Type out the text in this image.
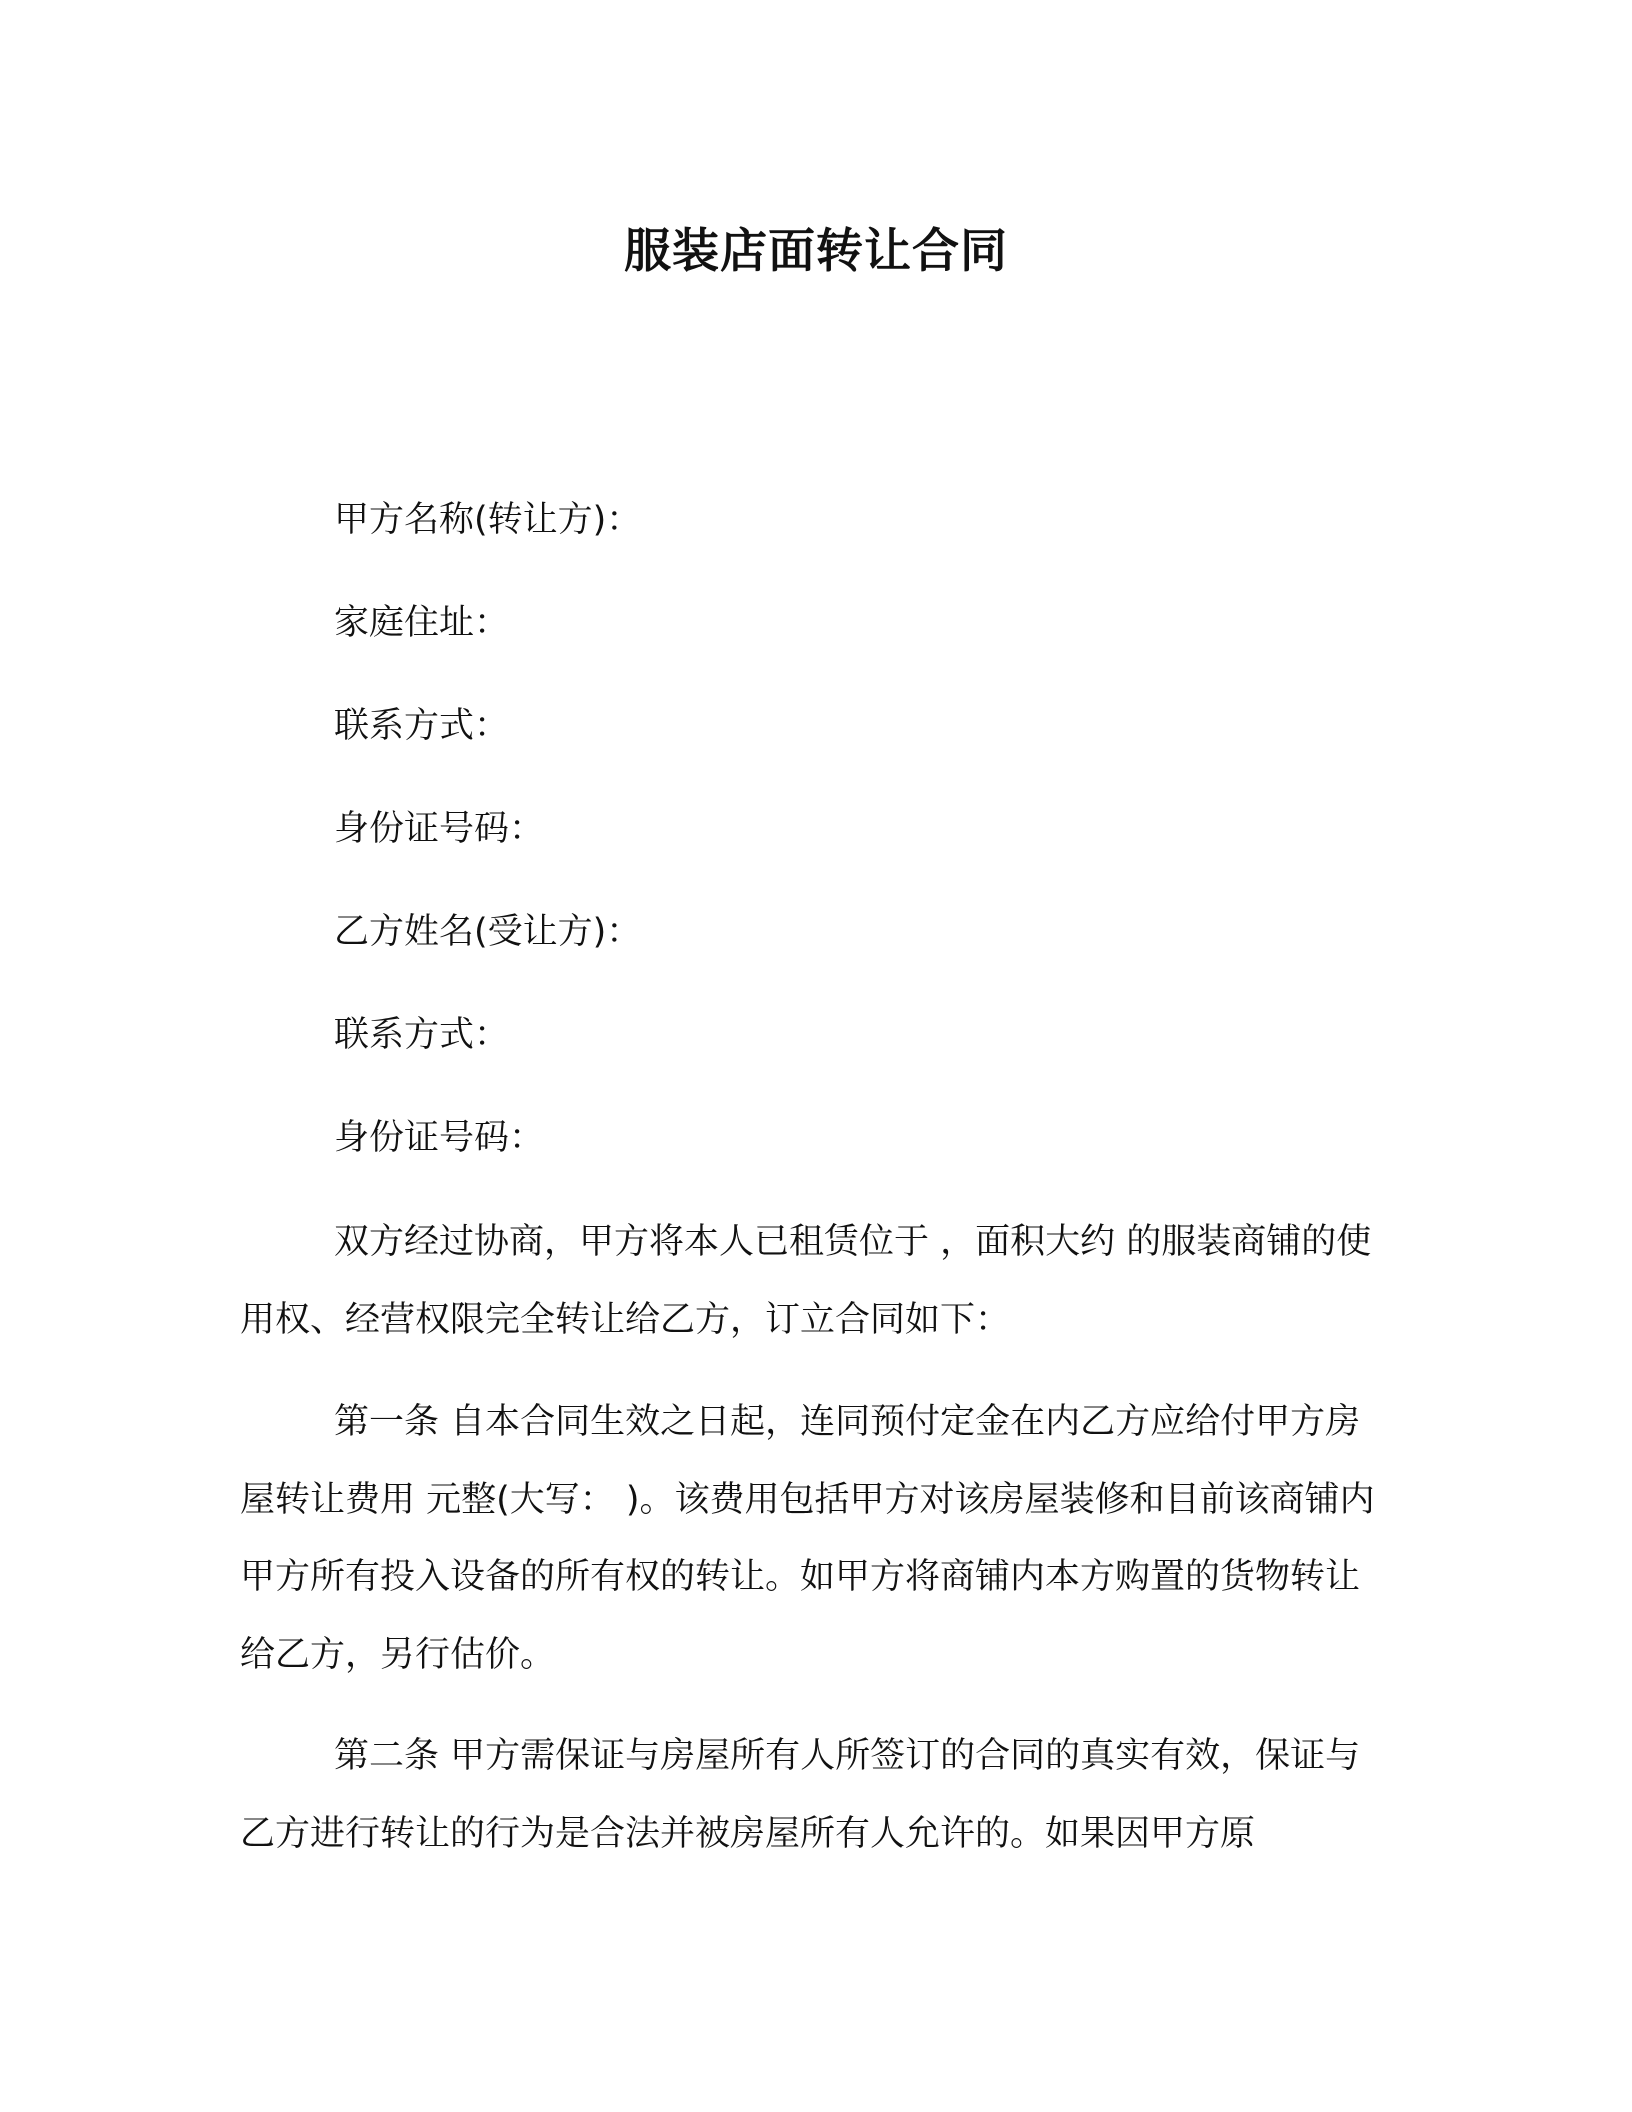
服装店面转让合同
甲方名称(转让方)：
家庭住址：
联系方式：
身份证号码：
乙方姓名(受让方)：
联系方式：
身份证号码：

双方经过协商，甲方将本人已租赁位于 ，面积大约 的服装商铺的使用权、经营权限完全转让给乙方，订立合同如下：

第一条 自本合同生效之日起，连同预付定金在内乙方应给付甲方房屋转让费用 元整(大写： )。该费用包括甲方对该房屋装修和目前该商铺内甲方所有投入设备的所有权的转让。如甲方将商铺内本方购置的货物转让给乙方，另行估价。

第二条 甲方需保证与房屋所有人所签订的合同的真实有效，保证与乙方进行转让的行为是合法并被房屋所有人允许的。如果因甲方原
